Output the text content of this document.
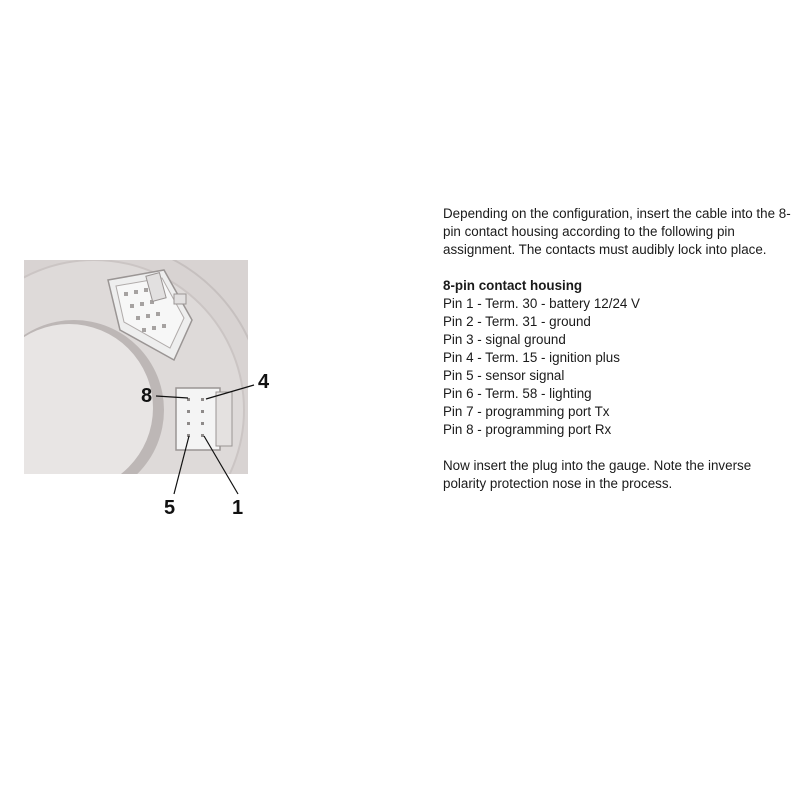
8
4
5	1

Depending on the configuration, insert the cable into the 8-pin contact housing according to the following pin assignment. The contacts must audibly lock into place.

8-pin contact housing
Pin 1 - Term. 30 - battery 12/24 V
Pin 2 - Term. 31 - ground
Pin 3 - signal ground
Pin 4 - Term. 15 - ignition plus
Pin 5 - sensor signal
Pin 6 - Term. 58 - lighting
Pin 7 - programming port Tx
Pin 8 - programming port Rx

Now insert the plug into the gauge. Note the inverse polarity protection nose in the process.
